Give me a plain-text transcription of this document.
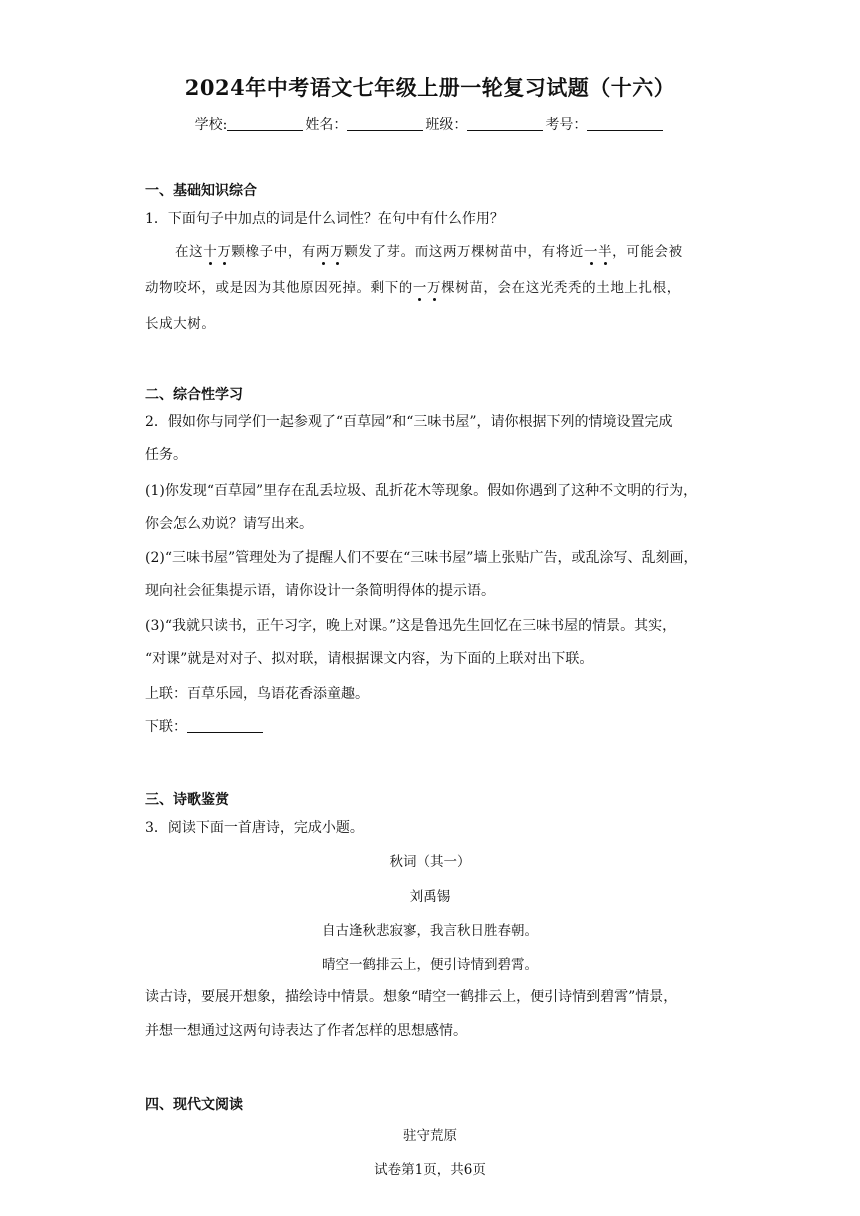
2024年中考语文七年级上册一轮复习试题（十六）
学校:	姓名：	班级：	考号：
一、基础知识综合
1．下面句子中加点的词是什么词性？在句中有什么作用？
在这十万颗橡子中，有两万颗发了芽。而这两万棵树苗中，有将近一半，可能会被
动物咬坏，或是因为其他原因死掉。剩下的一万棵树苗，会在这光秃秃的土地上扎根，
长成大树。
二、综合性学习
2．假如你与同学们一起参观了“百草园”和“三味书屋”，请你根据下列的情境设置完成
任务。
(1)你发现“百草园”里存在乱丢垃圾、乱折花木等现象。假如你遇到了这种不文明的行为，
你会怎么劝说？请写出来。
(2)“三味书屋”管理处为了提醒人们不要在“三味书屋”墙上张贴广告，或乱涂写、乱刻画，
现向社会征集提示语，请你设计一条简明得体的提示语。
(3)“我就只读书，正午习字，晚上对课。”这是鲁迅先生回忆在三味书屋的情景。其实，
“对课”就是对对子、拟对联，请根据课文内容，为下面的上联对出下联。
上联：百草乐园，鸟语花香添童趣。
下联：
三、诗歌鉴赏
3．阅读下面一首唐诗，完成小题。
秋词（其一）
刘禹锡
自古逢秋悲寂寥，我言秋日胜春朝。
晴空一鹤排云上，便引诗情到碧霄。
读古诗，要展开想象，描绘诗中情景。想象“晴空一鹤排云上，便引诗情到碧霄”情景，
并想一想通过这两句诗表达了作者怎样的思想感情。
四、现代文阅读
驻守荒原
试卷第1页，共6页
